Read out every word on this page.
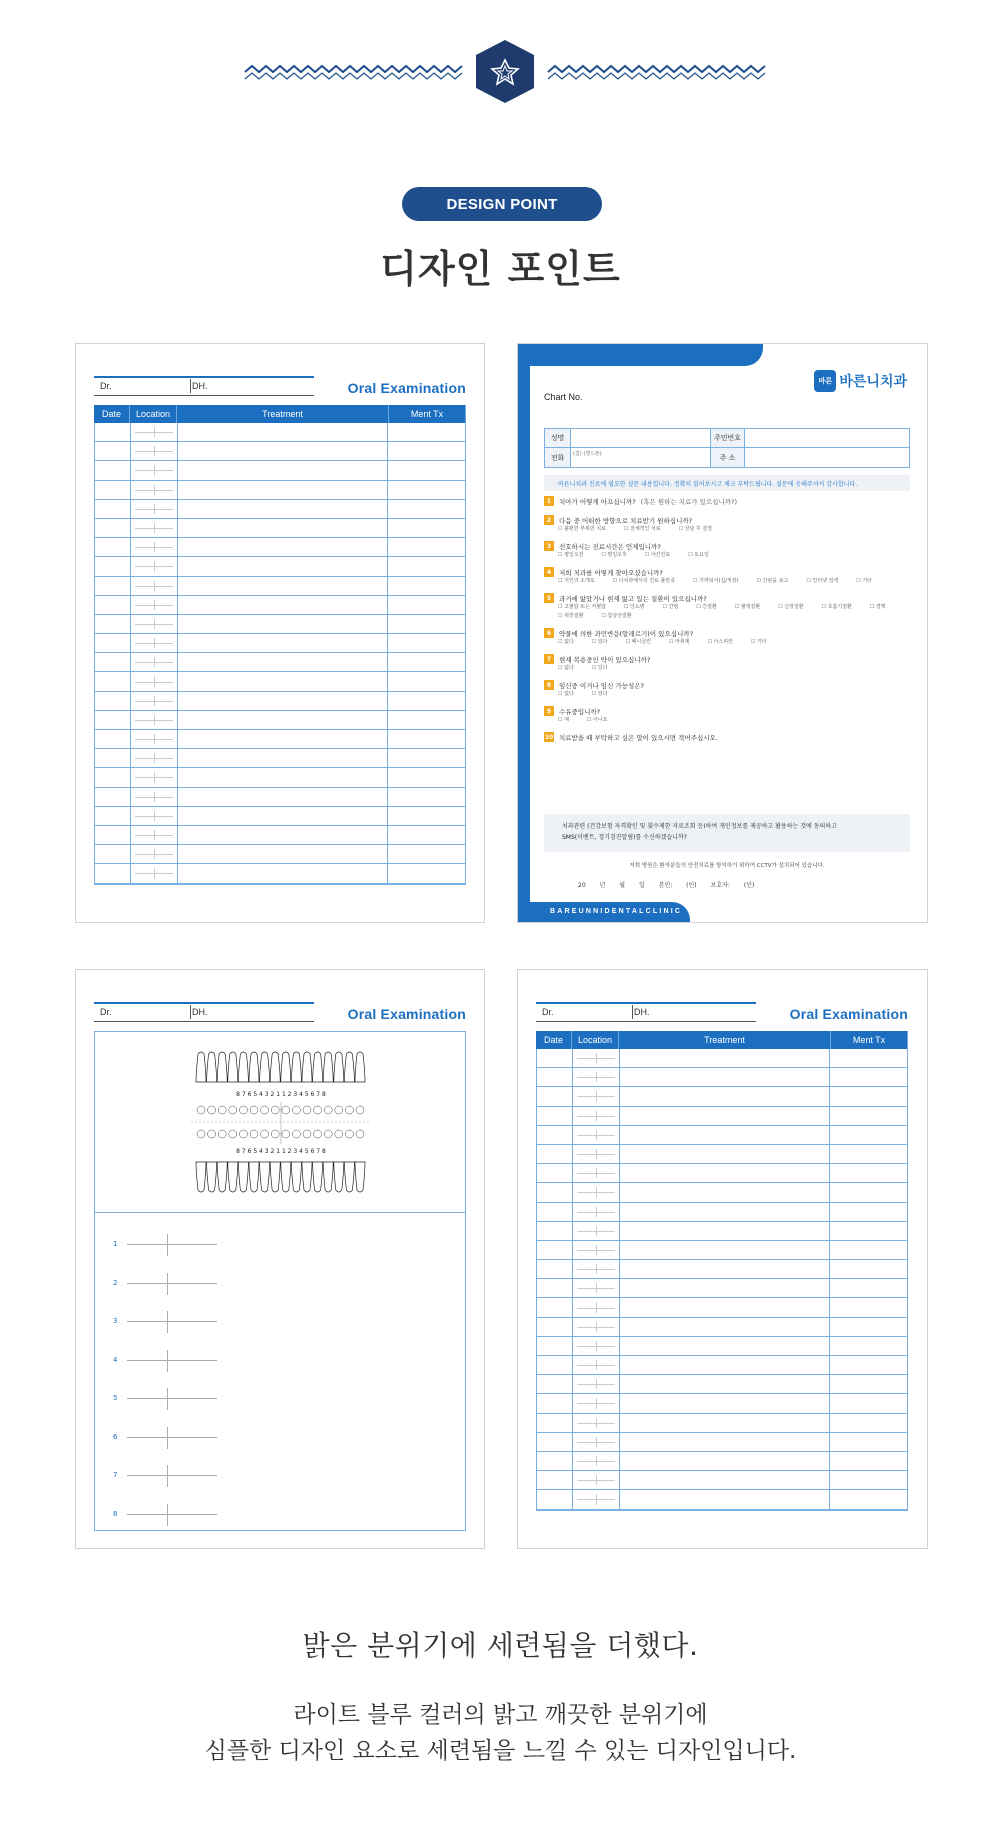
DESIGN POINT
디자인 포인트
Dr.	DH.	Oral Examination
Date	Location	Treatment	Ment Tx
BAREUNNIDENTALCLINIC
바른 바른니치과
Chart No.
성명	주민번호
전화	(집) (핸드폰)	주 소
바른니치과 진료에 필요한 설문 내용입니다. 정확히 읽어보시고 체크 부탁드립니다. 설문에 응해주셔서 감사합니다.
1	치아가 어떻게 아프십니까? (혹은 원하는 치료가 있으십니까?)
2	다음 중 어떠한 방향으로 치료받기 원하십니까?
☐ 불편한 부위만 치료	☐ 전체적인 치료	☐ 상담 후 결정
3	선호하시는 진료시간은 언제입니까?
☐ 평일오전	☐ 평일오후	☐ 야간진료	☐ 토요일
4	저희 치과를 어떻게 찾아오셨습니까?
☐ 지인의 소개로	☐ 다치과에서의 진료 불만족	☐ 가까워서(집/직장)	☐ 간판을 보고	☐ 인터넷 검색	☐ 기타
5	과거에 앓았거나 현재 앓고 있는 질환이 있으십니까?
☐ 고혈압 또는 저혈압	☐ 당뇨병	☐ 간염	☐ 간질환	☐ 혈액질환	☐ 신장질환	☐ 호흡기질환	☐ 결핵
☐ 위장질환	☐ 갑상선질환
6	약물에 의한 과민반응(알레르기)이 있으십니까?
☐ 없다	☐ 있다	☐ 페니실린	☐ 마취제	☐ 아스피린	☐ 기타
7	현재 복용중인 약이 있으십니까?
☐ 없다	☐ 있다
8	임신중 이거나 임신 가능성은?
☐ 없다	☐ 있다
9	수유중입니까?
☐ 예	☐ 아니요
10 치료받을 때 부탁하고 싶은 말이 있으시면 적어주십시오.
치과관련 (건강보험 자격확인 및 횟수제한 자료조회 등)하여 개인정보를 제공하고 활용하는 것에 동의하고
SMS(이벤트, 정기검진알림)를 수신하겠습니까?
저희 병원은 환자분들의 안전치료를 방지하기 위하여 CCTV가 설치되어 있습니다.
20 년 월 일 본인: (인) 보호자: (인)
Dr.	DH.	Oral Examination
8 7 6 5 4 3 2 1 1 2 3 4 5 6 7 8
8 7 6 5 4 3 2 1 1 2 3 4 5 6 7 8
1
2
3
4
5
6
7
8
Dr.	DH.	Oral Examination
Date	Location	Treatment	Ment Tx
밝은 분위기에 세련됨을 더했다.
라이트 블루 컬러의 밝고 깨끗한 분위기에
심플한 디자인 요소로 세련됨을 느낄 수 있는 디자인입니다.
